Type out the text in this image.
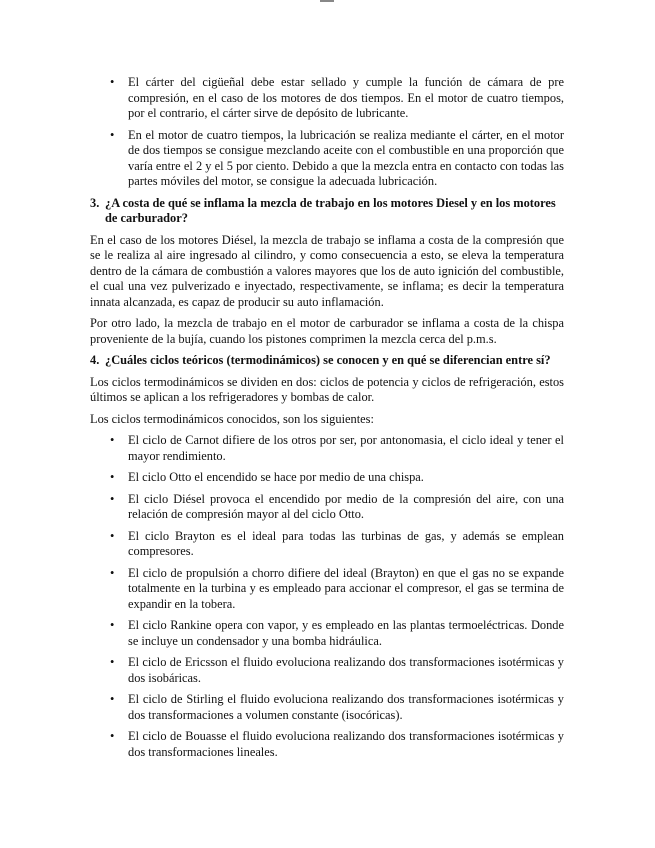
• El cárter del cigüeñal debe estar sellado y cumple la función de cámara de pre compresión, en el caso de los motores de dos tiempos. En el motor de cuatro tiempos, por el contrario, el cárter sirve de depósito de lubricante.
• En el motor de cuatro tiempos, la lubricación se realiza mediante el cárter, en el motor de dos tiempos se consigue mezclando aceite con el combustible en una proporción que varía entre el 2 y el 5 por ciento. Debido a que la mezcla entra en contacto con todas las partes móviles del motor, se consigue la adecuada lubricación.
3. ¿A costa de qué se inflama la mezcla de trabajo en los motores Diesel y en los motores de carburador?

En el caso de los motores Diésel, la mezcla de trabajo se inflama a costa de la compresión que se le realiza al aire ingresado al cilindro, y como consecuencia a esto, se eleva la temperatura dentro de la cámara de combustión a valores mayores que los de auto ignición del combustible, el cual una vez pulverizado e inyectado, respectivamente, se inflama; es decir la temperatura innata alcanzada, es capaz de producir su auto inflamación.

Por otro lado, la mezcla de trabajo en el motor de carburador se inflama a costa de la chispa proveniente de la bujía, cuando los pistones comprimen la mezcla cerca del p.m.s.

4. ¿Cuáles ciclos teóricos (termodinámicos) se conocen y en qué se diferencian entre sí?

Los ciclos termodinámicos se dividen en dos: ciclos de potencia y ciclos de refrigeración, estos últimos se aplican a los refrigeradores y bombas de calor.

Los ciclos termodinámicos conocidos, son los siguientes:

• El ciclo de Carnot difiere de los otros por ser, por antonomasia, el ciclo ideal y tener el mayor rendimiento.
• El ciclo Otto el encendido se hace por medio de una chispa.
• El ciclo Diésel provoca el encendido por medio de la compresión del aire, con una relación de compresión mayor al del ciclo Otto.
• El ciclo Brayton es el ideal para todas las turbinas de gas, y además se emplean compresores.
• El ciclo de propulsión a chorro difiere del ideal (Brayton) en que el gas no se expande totalmente en la turbina y es empleado para accionar el compresor, el gas se termina de expandir en la tobera.
• El ciclo Rankine opera con vapor, y es empleado en las plantas termoeléctricas. Donde se incluye un condensador y una bomba hidráulica.
• El ciclo de Ericsson el fluido evoluciona realizando dos transformaciones isotérmicas y dos isobáricas.
• El ciclo de Stirling el fluido evoluciona realizando dos transformaciones isotérmicas y dos transformaciones a volumen constante (isocóricas).
• El ciclo de Bouasse el fluido evoluciona realizando dos transformaciones isotérmicas y dos transformaciones lineales.
